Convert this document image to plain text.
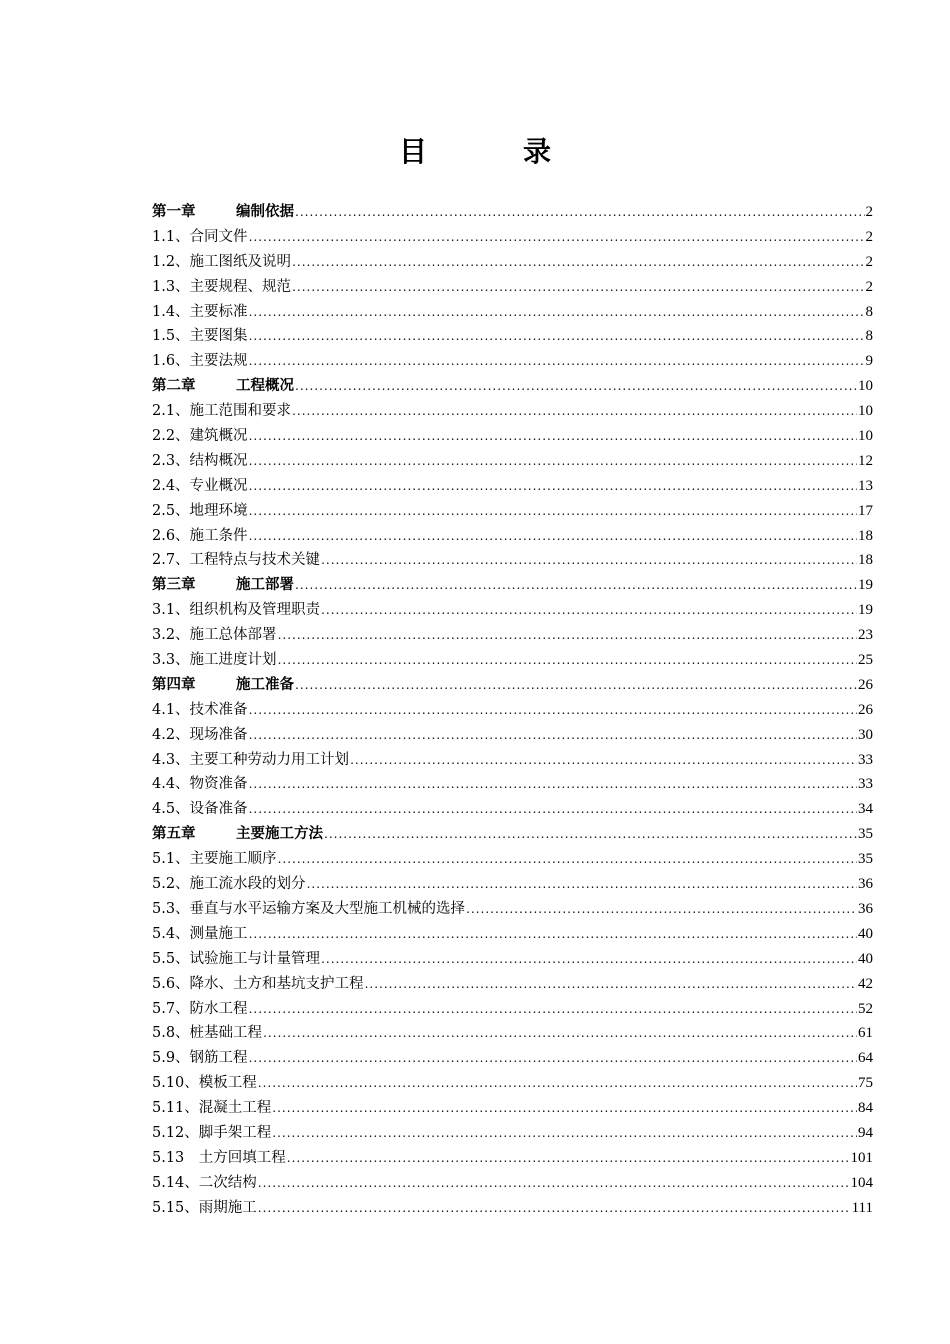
目　录
第一章	编制依据 .....	2
1.1、合同文件 .....	2
1.2、施工图纸及说明 .....	2
1.3、主要规程、规范 .....	2
1.4、主要标准 .....	8
1.5、主要图集 .....	8
1.6、主要法规 .....	9
第二章	工程概况 .....	10
2.1、施工范围和要求 .....	10
2.2、建筑概况 .....	10
2.3、结构概况 .....	12
2.4、专业概况 .....	13
2.5、地理环境 .....	17
2.6、施工条件 .....	18
2.7、工程特点与技术关键 .....	18
第三章	施工部署 .....	19
3.1、组织机构及管理职责 .....	19
3.2、施工总体部署 .....	23
3.3、施工进度计划 .....	25
第四章	施工准备 .....	26
4.1、技术准备 .....	26
4.2、现场准备 .....	30
4.3、主要工种劳动力用工计划 .....	33
4.4、物资准备 .....	33
4.5、设备准备 .....	34
第五章	主要施工方法 .....	35
5.1、主要施工顺序 .....	35
5.2、施工流水段的划分 .....	36
5.3、垂直与水平运输方案及大型施工机械的选择 .....	36
5.4、测量施工 .....	40
5.5、试验施工与计量管理 .....	40
5.6、降水、土方和基坑支护工程 .....	42
5.7、防水工程 .....	52
5.8、桩基础工程 .....	61
5.9、钢筋工程 .....	64
5.10、模板工程 .....	75
5.11、混凝土工程 .....	84
5.12、脚手架工程 .....	94
5.13　土方回填工程 .....	101
5.14、二次结构 .....	104
5.15、雨期施工 .....	111
